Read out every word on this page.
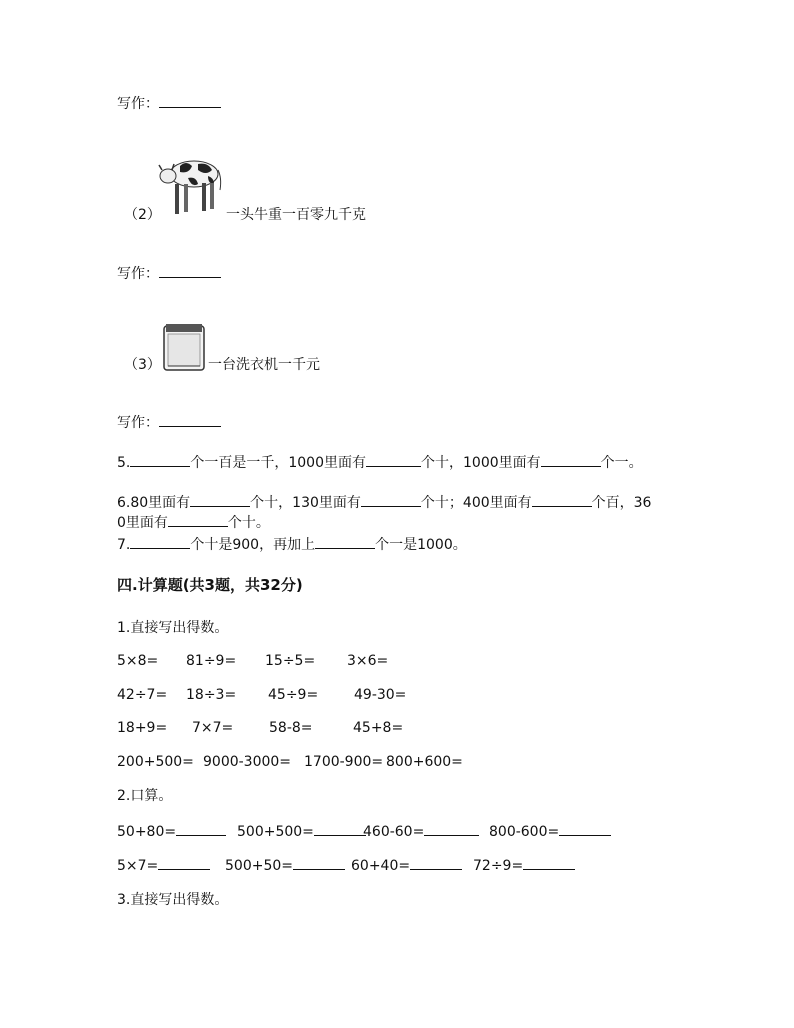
写作：
（2）	一头牛重一百零九千克
写作：
（3）	一台洗衣机一千元
写作：
5.	个一百是一千，1000里面有	个十，1000里面有	个一。
6.80里面有	个十，130里面有	个十；400里面有	个百，36
0里面有	个十。
7.	个十是900，再加上	个一是1000。
四.计算题(共3题，共32分)
1.直接写出得数。
5×8= 81÷9= 15÷5= 3×6=
42÷7= 18÷3= 45÷9=	49-30=
18+9= 7×7=	58-8=	45+8=
200+500= 9000-3000= 1700-900= 800+600=
2.口算。
50+80=	500+500=	460-60=	800-600=
5×7=	500+50=	60+40=	72÷9=
3.直接写出得数。
